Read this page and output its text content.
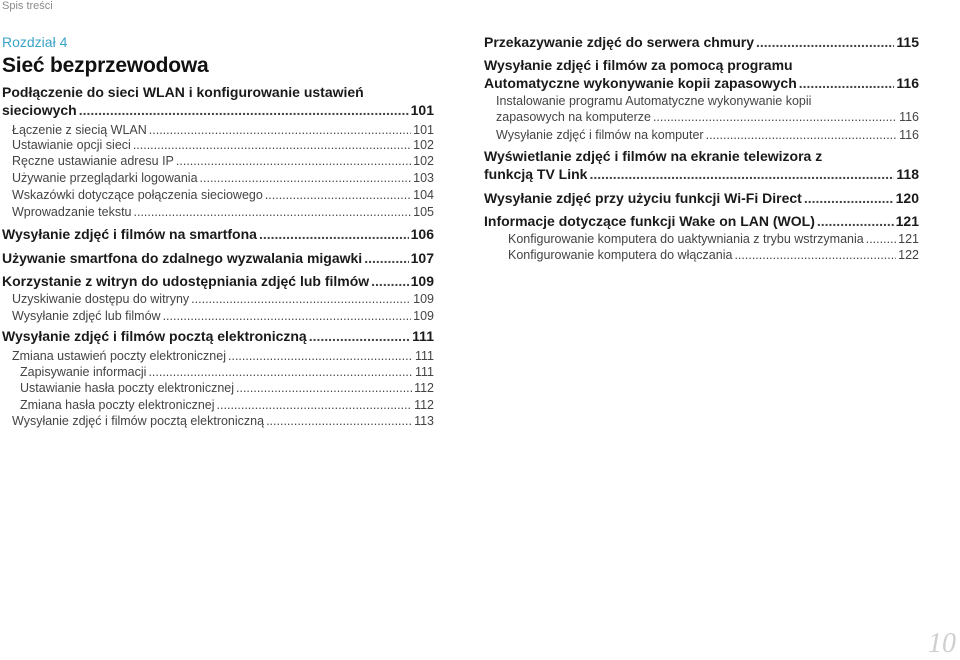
Spis treści
Rozdział 4
Sieć bezprzewodowa
Podłączenie do sieci WLAN i konfigurowanie ustawień
sieciowych .....	101
Łączenie z siecią WLAN .....	101
Ustawianie opcji sieci .....	102
Ręczne ustawianie adresu IP .....	102
Używanie przeglądarki logowania .....	103
Wskazówki dotyczące połączenia sieciowego .....	104
Wprowadzanie tekstu .....	105
Wysyłanie zdjęć i filmów na smartfona .....	106
Używanie smartfona do zdalnego wyzwalania migawki .....	107
Korzystanie z witryn do udostępniania zdjęć lub filmów .....	109
Uzyskiwanie dostępu do witryny .....	109
Wysyłanie zdjęć lub filmów .....	109
Wysyłanie zdjęć i filmów pocztą elektroniczną .....	111
Zmiana ustawień poczty elektronicznej .....	111
Zapisywanie informacji .....	111
Ustawianie hasła poczty elektronicznej .....	112
Zmiana hasła poczty elektronicznej .....	112
Wysyłanie zdjęć i filmów pocztą elektroniczną .....	113
Przekazywanie zdjęć do serwera chmury .....	115
Wysyłanie zdjęć i filmów za pomocą programu
Automatyczne wykonywanie kopii zapasowych .....	116
Instalowanie programu Automatyczne wykonywanie kopii
zapasowych na komputerze .....	116
Wysyłanie zdjęć i filmów na komputer .....	116
Wyświetlanie zdjęć i filmów na ekranie telewizora z
funkcją TV Link .....	118
Wysyłanie zdjęć przy użyciu funkcji Wi-Fi Direct .....	120
Informacje dotyczące funkcji Wake on LAN (WOL) .....	121
Konfigurowanie komputera do uaktywniania z trybu wstrzymania .....	121
Konfigurowanie komputera do włączania .....	122
10
